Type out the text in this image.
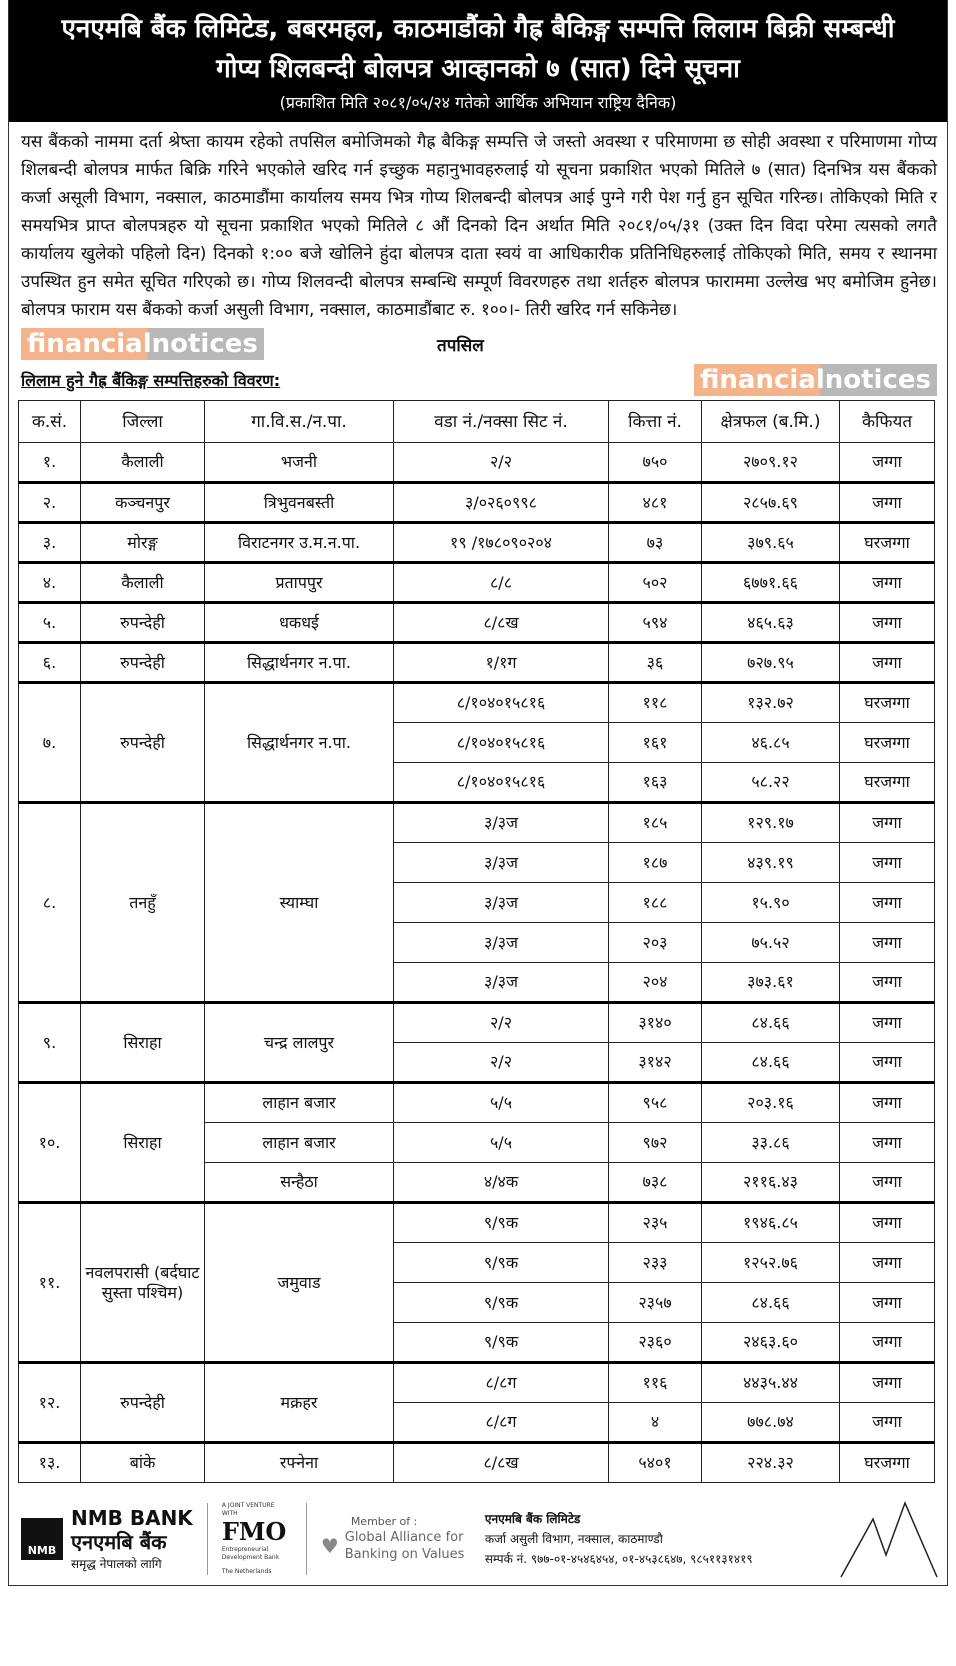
एनएमबि बैंक लिमिटेड, बबरमहल, काठमाडौंको गैह्र बैकिङ्ग सम्पत्ति लिलाम बिक्री सम्बन्धी
गोप्य शिलबन्दी बोलपत्र आव्हानको ७ (सात) दिने सूचना
(प्रकाशित मिति २०८१/०५/२४ गतेको आर्थिक अभियान राष्ट्रिय दैनिक)
यस बैंकको नाममा दर्ता श्रेष्ता कायम रहेको तपसिल बमोजिमको गैह्र बैकिङ्ग सम्पत्ति जे जस्तो अवस्था र परिमाणमा छ सोही अवस्था र परिमाणमा गोप्य शिलबन्दी बोलपत्र मार्फत बिक्रि गरिने भएकोले खरिद गर्न इच्छुक महानुभावहरुलाई यो सूचना प्रकाशित भएको मितिले ७ (सात) दिनभित्र यस बैंकको कर्जा असूली विभाग, नक्साल, काठमाडौंमा कार्यालय समय भित्र गोप्य शिलबन्दी बोलपत्र आई पुग्ने गरी पेश गर्नु हुन सूचित गरिन्छ। तोकिएको मिति र समयभित्र प्राप्त बोलपत्रहरु यो सूचना प्रकाशित भएको मितिले ८ औं दिनको दिन अर्थात मिति २०८१/०५/३१ (उक्त दिन विदा परेमा त्यसको लगतै कार्यालय खुलेको पहिलो दिन) दिनको १:०० बजे खोलिने हुंदा बोलपत्र दाता स्वयं वा आधिकारीक प्रतिनिधिहरुलाई तोकिएको मिति, समय र स्थानमा उपस्थित हुन समेत सूचित गरिएको छ। गोप्य शिलवन्दी बोलपत्र सम्बन्धि सम्पूर्ण विवरणहरु तथा शर्तहरु बोलपत्र फाराममा उल्लेख भए बमोजिम हुनेछ। बोलपत्र फाराम यस बैंकको कर्जा असुली विभाग, नक्साल, काठमाडौंबाट रु. १००।- तिरी खरिद गर्न सकिनेछ।
financialnotices	तपसिल
लिलाम हुने गैह्र बैंकिङ्ग सम्पत्तिहरुको विवरण:	financialnotices
क.सं.	जिल्ला	गा.वि.स./न.पा.	वडा नं./नक्सा सिट नं.	कित्ता नं.	क्षेत्रफल (ब.मि.)	कैफियत
१.	कैलाली	भजनी	२/२	७५०	२७०९.१२	जग्गा
२.	कञ्चनपुर	त्रिभुवनबस्ती	३/०२६०९९८	४८१	२८५७.६९	जग्गा
३.	मोरङ्ग	विराटनगर उ.म.न.पा.	१९ /१७८०९०२०४	७३	३७९.६५	घरजग्गा
४.	कैलाली	प्रतापपुर	८/८	५०२	६७७१.६६	जग्गा
५.	रुपन्देही	धकधई	८/८ख	५९४	४६५.६३	जग्गा
६.	रुपन्देही	सिद्धार्थनगर न.पा.	१/१ग	३६	७२७.९५	जग्गा
७.	रुपन्देही	सिद्धार्थनगर न.पा.	८/१०४०१५८१६	११८	१३२.७२	घरजग्गा
			८/१०४०१५८१६	१६१	४६.८५	घरजग्गा
			८/१०४०१५८१६	१६३	५८.२२	घरजग्गा
८.	तनहुँ	स्याम्घा	३/३ज	१८५	१२९.१७	जग्गा
			३/३ज	१८७	४३९.१९	जग्गा
			३/३ज	१८८	१५.९०	जग्गा
			३/३ज	२०३	७५.५२	जग्गा
			३/३ज	२०४	३७३.६१	जग्गा
९.	सिराहा	चन्द्र लालपुर	२/२	३१४०	८४.६६	जग्गा
			२/२	३१४२	८४.६६	जग्गा
१०.	सिराहा	लाहान बजार	५/५	९५८	२०३.१६	जग्गा
		लाहान बजार	५/५	९७२	३३.८६	जग्गा
		सन्हैठा	४/४क	७३८	२११६.४३	जग्गा
११.	नवलपरासी (बर्दघाट सुस्ता पश्चिम)	जमुवाड	९/९क	२३५	१९४६.८५	जग्गा
			९/९क	२३३	१२५२.७६	जग्गा
			९/९क	२३५७	८४.६६	जग्गा
			९/९क	२३६०	२४६३.६०	जग्गा
१२.	रुपन्देही	मक्रहर	८/८ग	११६	४४३५.४४	जग्गा
			८/८ग	४	७७८.७४	जग्गा
१३.	बांके	रफ्नेना	८/८ख	५४०१	२२४.३२	घरजग्गा
NMB
NMB BANK
एनएमबि बैंक
समृद्ध नेपालको लागि
A JOINT VENTURE WITH
FMO
Entrepreneurial Development Bank
The Netherlands
Member of :
♥ Global Alliance for Banking on Values
एनएमबि बैंक लिमिटेड
कर्जा असुली विभाग, नक्साल, काठमाण्डौ
सम्पर्क नं. ९७७-०१-४५४६४५४, ०१-४५३८६४७, ९८५११३१४१९
